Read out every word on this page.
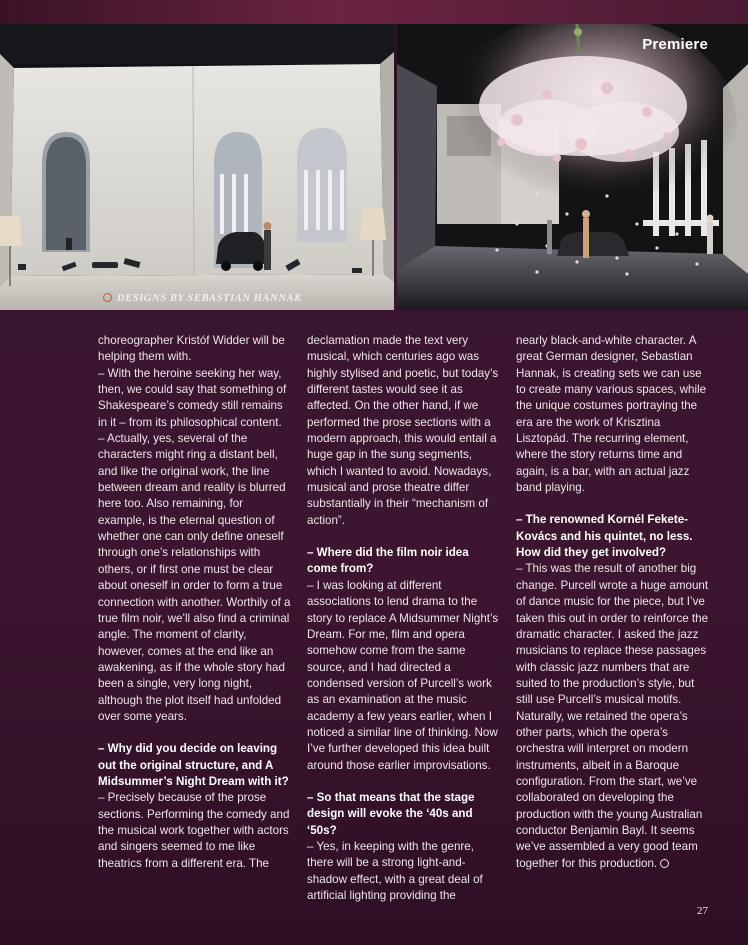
Premiere
DESIGNS BY SEBASTIAN HANNAK

choreographer Kristóf Widder will be helping them with.

– With the heroine seeking her way, then, we could say that something of Shakespeare’s comedy still remains in it – from its philosophical content.

– Actually, yes, several of the characters might ring a distant bell, and like the original work, the line between dream and reality is blurred here too. Also remaining, for example, is the eternal question of whether one can only define oneself through one’s relationships with others, or if first one must be clear about oneself in order to form a true connection with another. Worthily of a true film noir, we’ll also find a criminal angle. The moment of clarity, however, comes at the end like an awakening, as if the whole story had been a single, very long night, although the plot itself had unfolded over some years.

– Why did you decide on leaving out the original structure, and A Midsummer’s Night Dream with it?

– Precisely because of the prose sections. Performing the comedy and the musical work together with actors and singers seemed to me like theatrics from a different era. The

declamation made the text very musical, which centuries ago was highly stylised and poetic, but today’s different tastes would see it as affected. On the other hand, if we performed the prose sections with a modern approach, this would entail a huge gap in the sung segments, which I wanted to avoid. Nowadays, musical and prose theatre differ substantially in their “mechanism of action”.

– Where did the film noir idea come from?

– I was looking at different associations to lend drama to the story to replace A Midsummer Night’s Dream. For me, film and opera somehow come from the same source, and I had directed a condensed version of Purcell’s work as an examination at the music academy a few years earlier, when I noticed a similar line of thinking. Now I’ve further developed this idea built around those earlier improvisations.

– So that means that the stage design will evoke the ‘40s and ‘50s?

– Yes, in keeping with the genre, there will be a strong light-and-shadow effect, with a great deal of artificial lighting providing the

nearly black-and-white character. A great German designer, Sebastian Hannak, is creating sets we can use to create many various spaces, while the unique costumes portraying the era are the work of Krisztina Lisztopád. The recurring element, where the story returns time and again, is a bar, with an actual jazz band playing.

– The renowned Kornél Fekete-Kovács and his quintet, no less. How did they get involved?

– This was the result of another big change. Purcell wrote a huge amount of dance music for the piece, but I’ve taken this out in order to reinforce the dramatic character. I asked the jazz musicians to replace these passages with classic jazz numbers that are suited to the production’s style, but still use Purcell’s musical motifs. Naturally, we retained the opera’s other parts, which the opera’s orchestra will interpret on modern instruments, albeit in a Baroque configuration. From the start, we’ve collaborated on developing the production with the young Australian conductor Benjamin Bayl. It seems we’ve assembled a very good team together for this production.

27
